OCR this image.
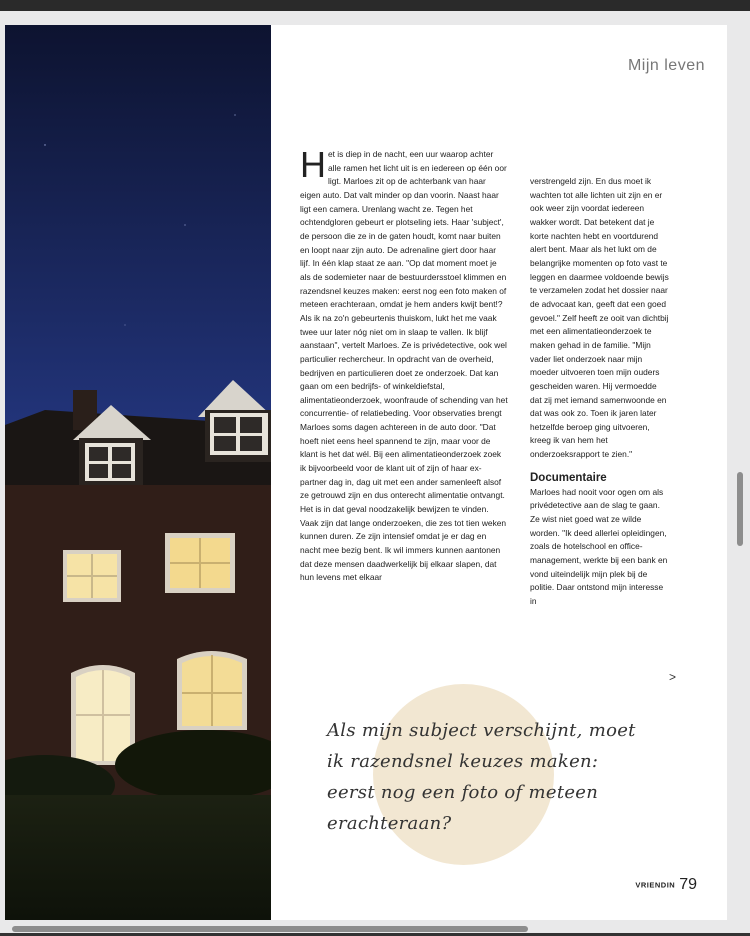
Mijn leven
Het is diep in de nacht, een uur waarop achter alle ramen het licht uit is en iedereen op één oor ligt. Marloes zit op de achterbank van haar eigen auto. Dat valt minder op dan voorin. Naast haar ligt een camera. Urenlang wacht ze. Tegen het ochtendgloren gebeurt er plotseling iets. Haar 'subject', de persoon die ze in de gaten houdt, komt naar buiten en loopt naar zijn auto. De adrenaline giert door haar lijf. In één klap staat ze aan. "Op dat moment moet je als de sodemieter naar de bestuurdersstoel klimmen en razendsnel keuzes maken: eerst nog een foto maken of meteen erachteraan, omdat je hem anders kwijt bent!? Als ik na zo'n gebeurtenis thuiskom, lukt het me vaak twee uur later nóg niet om in slaap te vallen. Ik blijf aanstaan", vertelt Marloes. Ze is privédetective, ook wel particulier rechercheur. In opdracht van de overheid, bedrijven en particulieren doet ze onderzoek. Dat kan gaan om een bedrijfs- of winkeldiefstal, alimentatieonderzoek, woonfraude of schending van het concurrentie- of relatiebeding. Voor observaties brengt Marloes soms dagen achtereen in de auto door. "Dat hoeft niet eens heel spannend te zijn, maar voor de klant is het dat wél. Bij een alimentatieonderzoek zoek ik bijvoorbeeld voor de klant uit of zijn of haar ex-partner dag in, dag uit met een ander samenleeft alsof ze getrouwd zijn en dus onterecht alimentatie ontvangt. Het is in dat geval noodzakelijk bewijzen te vinden. Vaak zijn dat lange onderzoeken, die zes tot tien weken kunnen duren. Ze zijn intensief omdat je er dag en nacht mee bezig bent. Ik wil immers kunnen aantonen dat deze mensen daadwerkelijk bij elkaar slapen, dat hun levens met elkaar
verstrengeld zijn. En dus moet ik wachten tot alle lichten uit zijn en er ook weer zijn voordat iedereen wakker wordt. Dat betekent dat je korte nachten hebt en voortdurend alert bent. Maar als het lukt om de belangrijke momenten op foto vast te leggen en daarmee voldoende bewijs te verzamelen zodat het dossier naar de advocaat kan, geeft dat een goed gevoel." Zelf heeft ze ooit van dichtbij met een alimentatieonderzoek te maken gehad in de familie. "Mijn vader liet onderzoek naar mijn moeder uitvoeren toen mijn ouders gescheiden waren. Hij vermoedde dat zij met iemand samenwoonde en dat was ook zo. Toen ik jaren later hetzelfde beroep ging uitvoeren, kreeg ik van hem het onderzoeksrapport te zien."
Documentaire
Marloes had nooit voor ogen om als privédetective aan de slag te gaan. Ze wist niet goed wat ze wilde worden. "Ik deed allerlei opleidingen, zoals de hotelschool en office-management, werkte bij een bank en vond uiteindelijk mijn plek bij de politie. Daar ontstond mijn interesse in
>
Als mijn subject verschijnt, moet ik razendsnel keuzes maken: eerst nog een foto of meteen erachteraan?
VRIENDIN 79
